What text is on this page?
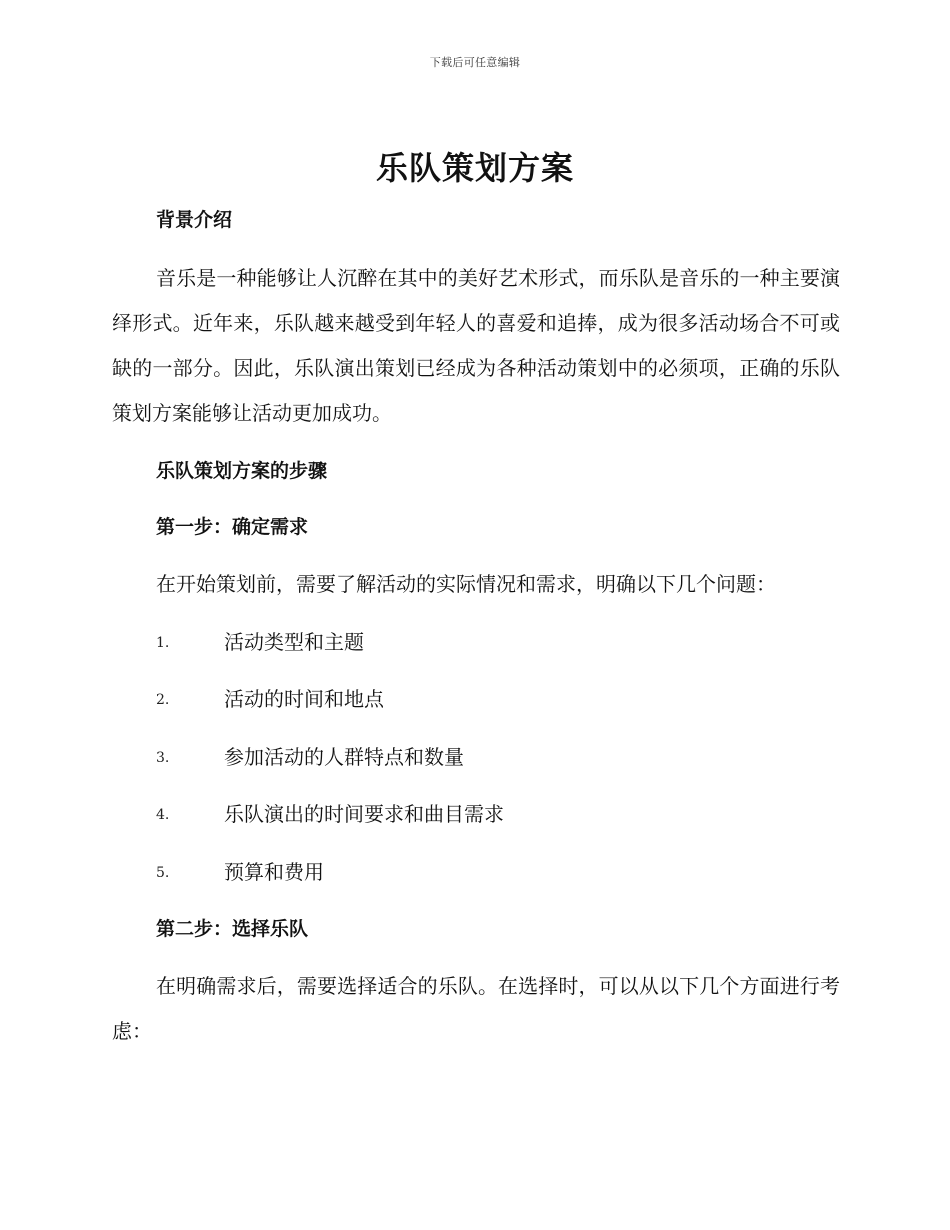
下载后可任意编辑
乐队策划方案
背景介绍
音乐是一种能够让人沉醉在其中的美好艺术形式，而乐队是音乐的一种主要演绎形式。近年来，乐队越来越受到年轻人的喜爱和追捧，成为很多活动场合不可或缺的一部分。因此，乐队演出策划已经成为各种活动策划中的必须项，正确的乐队策划方案能够让活动更加成功。
乐队策划方案的步骤
第一步：确定需求
在开始策划前，需要了解活动的实际情况和需求，明确以下几个问题：
1.	活动类型和主题
2.	活动的时间和地点
3.	参加活动的人群特点和数量
4.	乐队演出的时间要求和曲目需求
5.	预算和费用
第二步：选择乐队
在明确需求后，需要选择适合的乐队。在选择时，可以从以下几个方面进行考虑：
